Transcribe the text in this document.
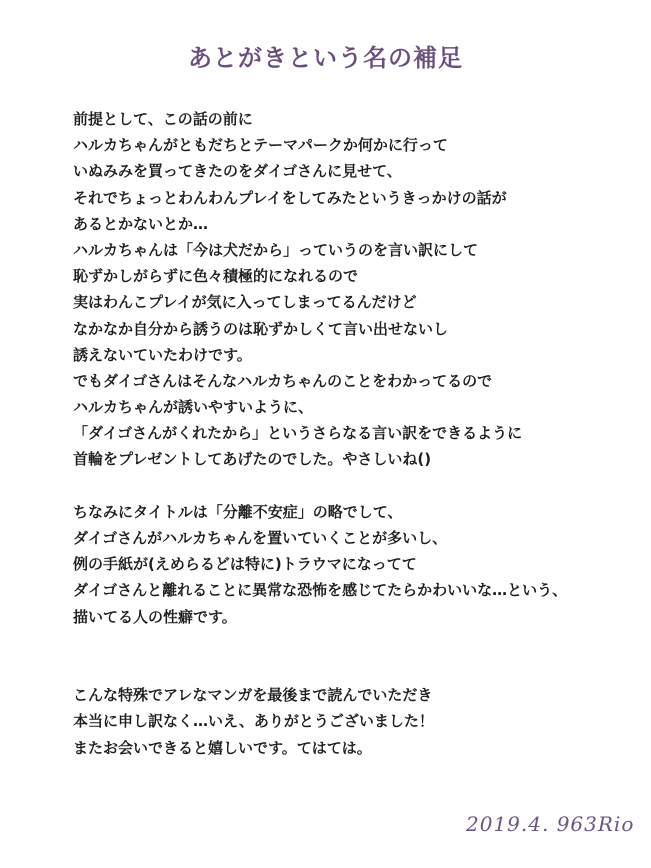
あとがきという名の補足
前提として、この話の前に
ハルカちゃんがともだちとテーマパークか何かに行って
いぬみみを買ってきたのをダイゴさんに見せて、
それでちょっとわんわんプレイをしてみたというきっかけの話が
あるとかないとか…
ハルカちゃんは「今は犬だから」っていうのを言い訳にして
恥ずかしがらずに色々積極的になれるので
実はわんこプレイが気に入ってしまってるんだけど
なかなか自分から誘うのは恥ずかしくて言い出せないし
誘えないていたわけです。
でもダイゴさんはそんなハルカちゃんのことをわかってるので
ハルカちゃんが誘いやすいように、
「ダイゴさんがくれたから」というさらなる言い訳をできるように
首輪をプレゼントしてあげたのでした。やさしいね()
ちなみにタイトルは「分離不安症」の略でして、
ダイゴさんがハルカちゃんを置いていくことが多いし、
例の手紙が(えめらるどは特に)トラウマになってて
ダイゴさんと離れることに異常な恐怖を感じてたらかわいいな…という、
描いてる人の性癖です。
こんな特殊でアレなマンガを最後まで読んでいただき
本当に申し訳なく…いえ、ありがとうございました！
またお会いできると嬉しいです。てはては。
2019.4. 963Rio
